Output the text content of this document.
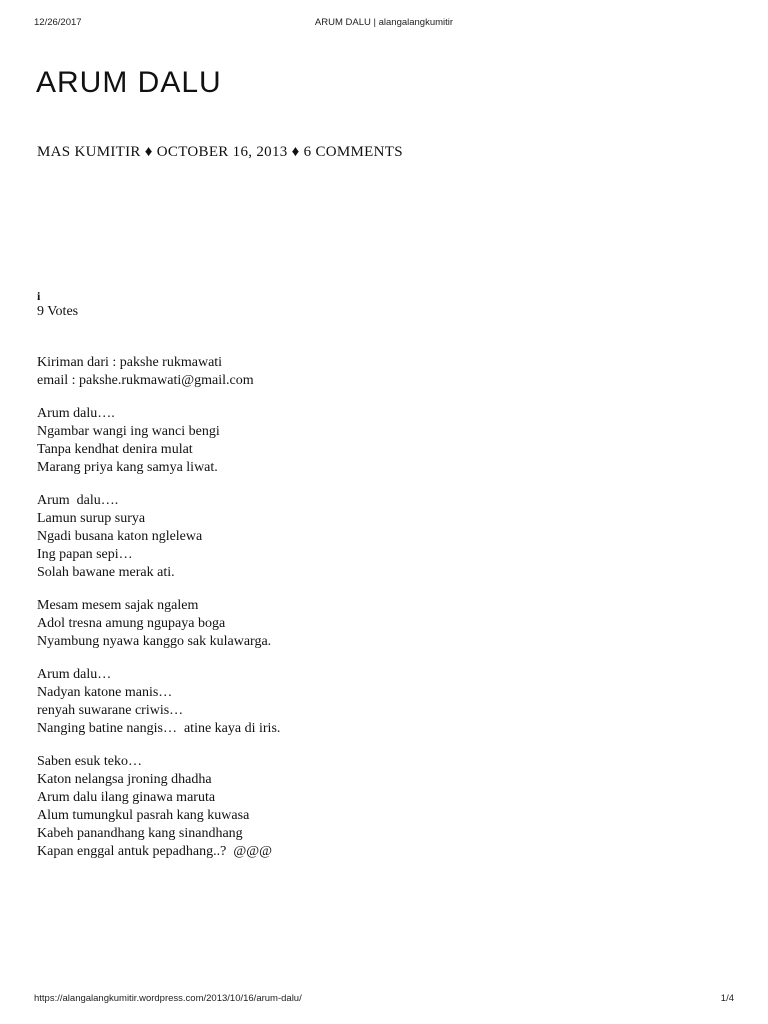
12/26/2017	ARUM DALU | alangalangkumitir
ARUM DALU
MAS KUMITIR ♦ OCTOBER 16, 2013 ♦ 6 COMMENTS
i
9 Votes

Kiriman dari : pakshe rukmawati
email : pakshe.rukmawati@gmail.com

Arum dalu….
Ngambar wangi ing wanci bengi
Tanpa kendhat denira mulat
Marang priya kang samya liwat.

Arum  dalu….
Lamun surup surya
Ngadi busana katon nglelewa
Ing papan sepi…
Solah bawane merak ati.

Mesam mesem sajak ngalem
Adol tresna amung ngupaya boga
Nyambung nyawa kanggo sak kulawarga.

Arum dalu…
Nadyan katone manis…
renyah suwarane criwis…
Nanging batine nangis…  atine kaya di iris.

Saben esuk teko…
Katon nelangsa jroning dhadha
Arum dalu ilang ginawa maruta
Alum tumungkul pasrah kang kuwasa
Kabeh panandhang kang sinandhang
Kapan enggal antuk pepadhang..?  @@@

https://alangalangkumitir.wordpress.com/2013/10/16/arum-dalu/	1/4
